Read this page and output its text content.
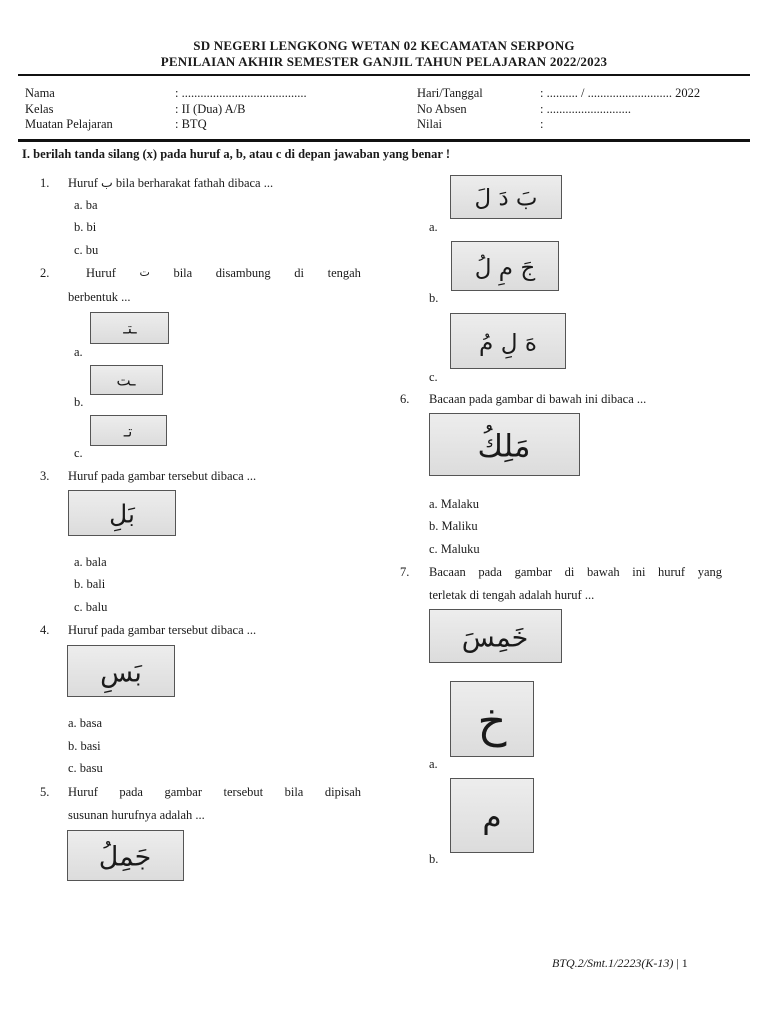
SD NEGERI LENGKONG WETAN 02 KECAMATAN SERPONG
PENILAIAN AKHIR SEMESTER GANJIL TAHUN PELAJARAN 2022/2023
Nama	: ........................................
Kelas	: II (Dua) A/B
Muatan Pelajaran	: BTQ
Hari/Tanggal	: .......... / ........................... 2022
No Absen	: ...........................
Nilai	:
I. berilah tanda silang (x) pada huruf a, b, atau c di depan jawaban yang benar !
1. Huruf ب bila berharakat fathah dibaca ...
a. ba
b. bi
c. bu
2.	Huruf ت bila disambung di tengah
berbentuk ...
ـتـ
a.
ـت
b.
تـ
c.
3. Huruf pada gambar tersebut dibaca ...
بَلِ
a. bala
b. bali
c. balu
4. Huruf pada gambar tersebut dibaca ...
بَسِ
a. basa
b. basi
c. basu
5. Huruf pada gambar tersebut bila dipisah
susunan hurufnya adalah ...
جَمِلُ
بَ دَ لَ
a.
جَ مِ لُ
b.
هَ لِ مُ
c.
6. Bacaan pada gambar di bawah ini dibaca ...
مَلِكُ
a. Malaku
b. Maliku
c. Maluku
7. Bacaan pada gambar di bawah ini huruf yang
terletak di tengah adalah huruf ...
خَمِسَ
خ
a.
م
b.
BTQ.2/Smt.1/2223(K-13) | 1
